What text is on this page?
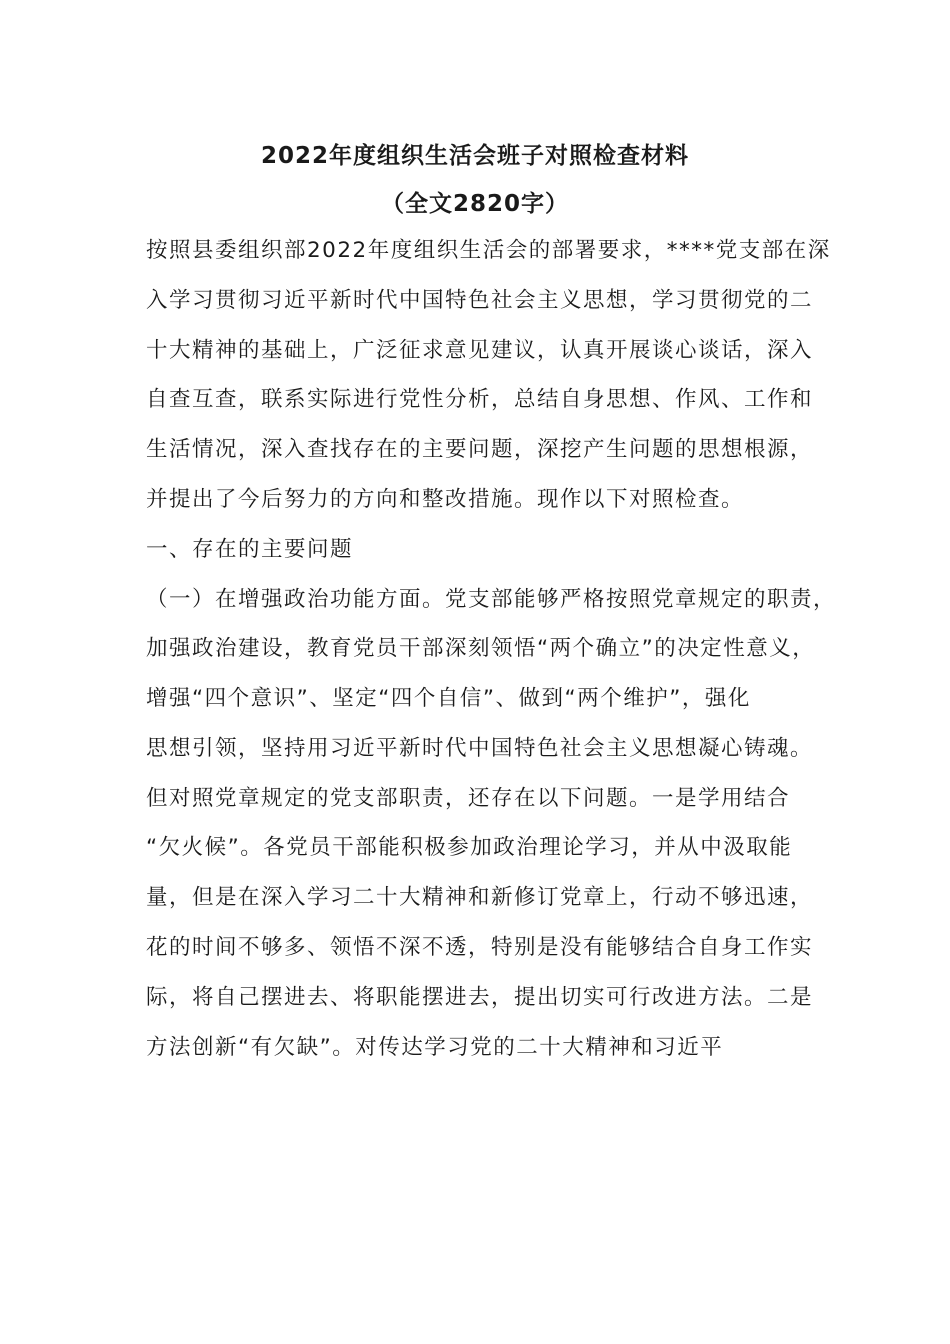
2022年度组织生活会班子对照检查材料
（全文2820字）
按照县委组织部2022年度组织生活会的部署要求，****党支部在深
入学习贯彻习近平新时代中国特色社会主义思想，学习贯彻党的二
十大精神的基础上，广泛征求意见建议，认真开展谈心谈话，深入
自查互查，联系实际进行党性分析，总结自身思想、作风、工作和
生活情况，深入查找存在的主要问题，深挖产生问题的思想根源，
并提出了今后努力的方向和整改措施。现作以下对照检查。
一、存在的主要问题
（一）在增强政治功能方面。党支部能够严格按照党章规定的职责，
加强政治建设，教育党员干部深刻领悟“两个确立”的决定性意义，
增强“四个意识”、坚定“四个自信”、做到“两个维护”，强化
思想引领，坚持用习近平新时代中国特色社会主义思想凝心铸魂。
但对照党章规定的党支部职责，还存在以下问题。一是学用结合
“欠火候”。各党员干部能积极参加政治理论学习，并从中汲取能
量，但是在深入学习二十大精神和新修订党章上，行动不够迅速，
花的时间不够多、领悟不深不透，特别是没有能够结合自身工作实
际，将自己摆进去、将职能摆进去，提出切实可行改进方法。二是
方法创新“有欠缺”。对传达学习党的二十大精神和习近平
